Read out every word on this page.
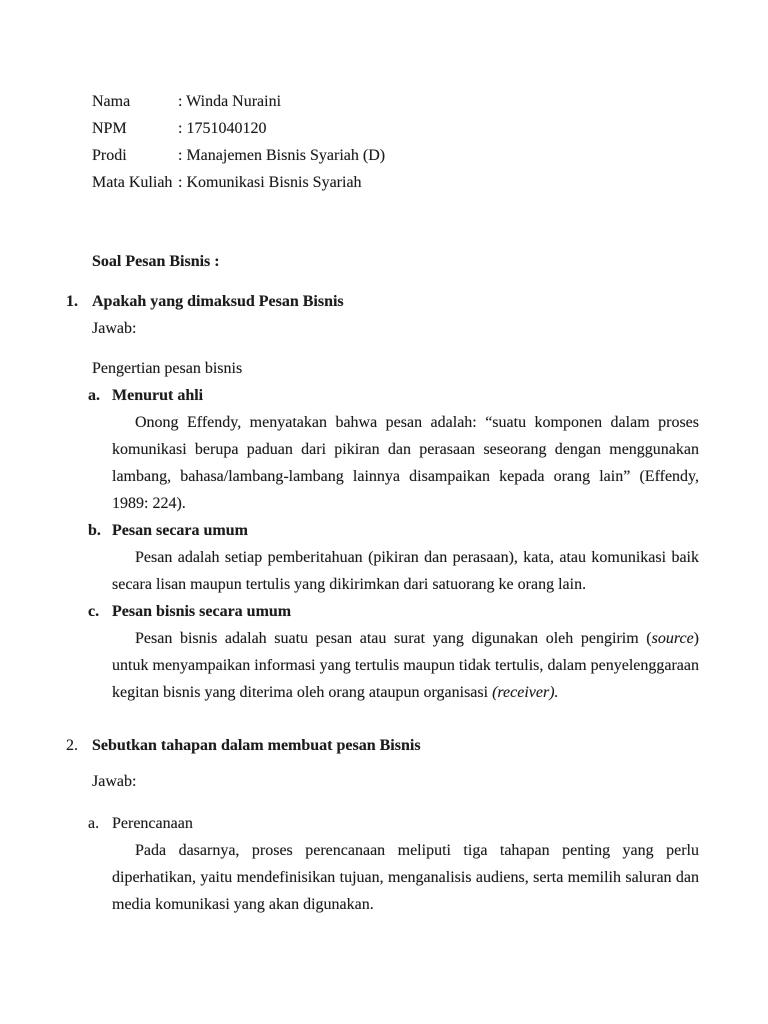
Nama	: Winda Nuraini
NPM	: 1751040120
Prodi	: Manajemen Bisnis Syariah (D)
Mata Kuliah : Komunikasi Bisnis Syariah

Soal Pesan Bisnis :

1. Apakah yang dimaksud Pesan Bisnis

Jawab:

Pengertian pesan bisnis

a. Menurut ahli

Onong Effendy, menyatakan bahwa pesan adalah: “suatu komponen dalam proses komunikasi berupa paduan dari pikiran dan perasaan seseorang dengan menggunakan lambang, bahasa/lambang-lambang lainnya disampaikan kepada orang lain” (Effendy, 1989: 224).

b. Pesan secara umum

Pesan adalah setiap pemberitahuan (pikiran dan perasaan), kata, atau komunikasi baik secara lisan maupun tertulis yang dikirimkan dari satuorang ke orang lain.

c. Pesan bisnis secara umum

Pesan bisnis adalah suatu pesan atau surat yang digunakan oleh pengirim (source) untuk menyampaikan informasi yang tertulis maupun tidak tertulis, dalam penyelenggaraan kegitan bisnis yang diterima oleh orang ataupun organisasi (receiver).

2. Sebutkan tahapan dalam membuat pesan Bisnis

Jawab:

a. Perencanaan

Pada dasarnya, proses perencanaan meliputi tiga tahapan penting yang perlu diperhatikan, yaitu mendefinisikan tujuan, menganalisis audiens, serta memilih saluran dan media komunikasi yang akan digunakan.
